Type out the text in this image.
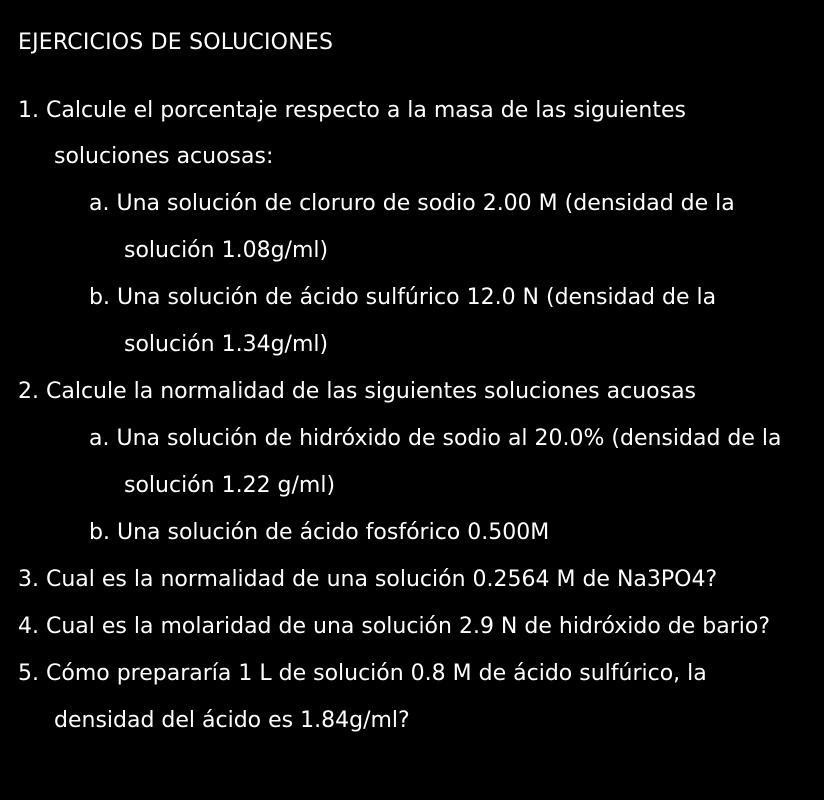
EJERCICIOS DE SOLUCIONES
1. Calcule el porcentaje respecto a la masa de las siguientes
soluciones acuosas:
a. Una solución de cloruro de sodio 2.00 M (densidad de la
solución 1.08g/ml)
b. Una solución de ácido sulfúrico 12.0 N (densidad de la
solución 1.34g/ml)
2. Calcule la normalidad de las siguientes soluciones acuosas
a. Una solución de hidróxido de sodio al 20.0% (densidad de la
solución 1.22 g/ml)
b. Una solución de ácido fosfórico 0.500M
3. Cual es la normalidad de una solución 0.2564 M de Na3PO4?
4. Cual es la molaridad de una solución 2.9 N de hidróxido de bario?
5. Cómo prepararía 1 L de solución 0.8 M de ácido sulfúrico, la
densidad del ácido es 1.84g/ml?
